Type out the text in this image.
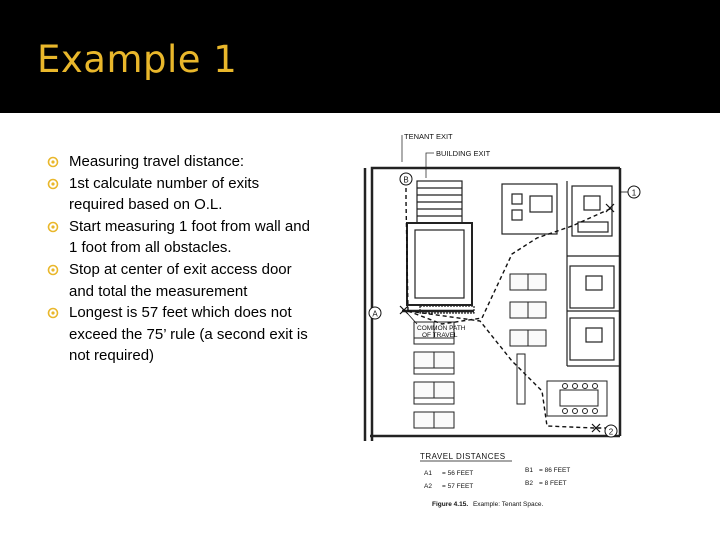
Example 1
Measuring travel distance:
1st calculate number of exits required based on O.L.
Start measuring 1 foot from wall and 1 foot from all obstacles.
Stop at center of exit access door and total the measurement
Longest is 57 feet which does not exceed the 75’ rule (a second exit is not required)
TENANT EXIT
BUILDING EXIT
B
A
1
2
COMMON PATH
OF TRAVEL
TRAVEL DISTANCES
A1 = 56 FEET
A2 = 57 FEET
B1 = 86 FEET
B2 = 8 FEET
Figure 4.15. Example: Tenant Space.
